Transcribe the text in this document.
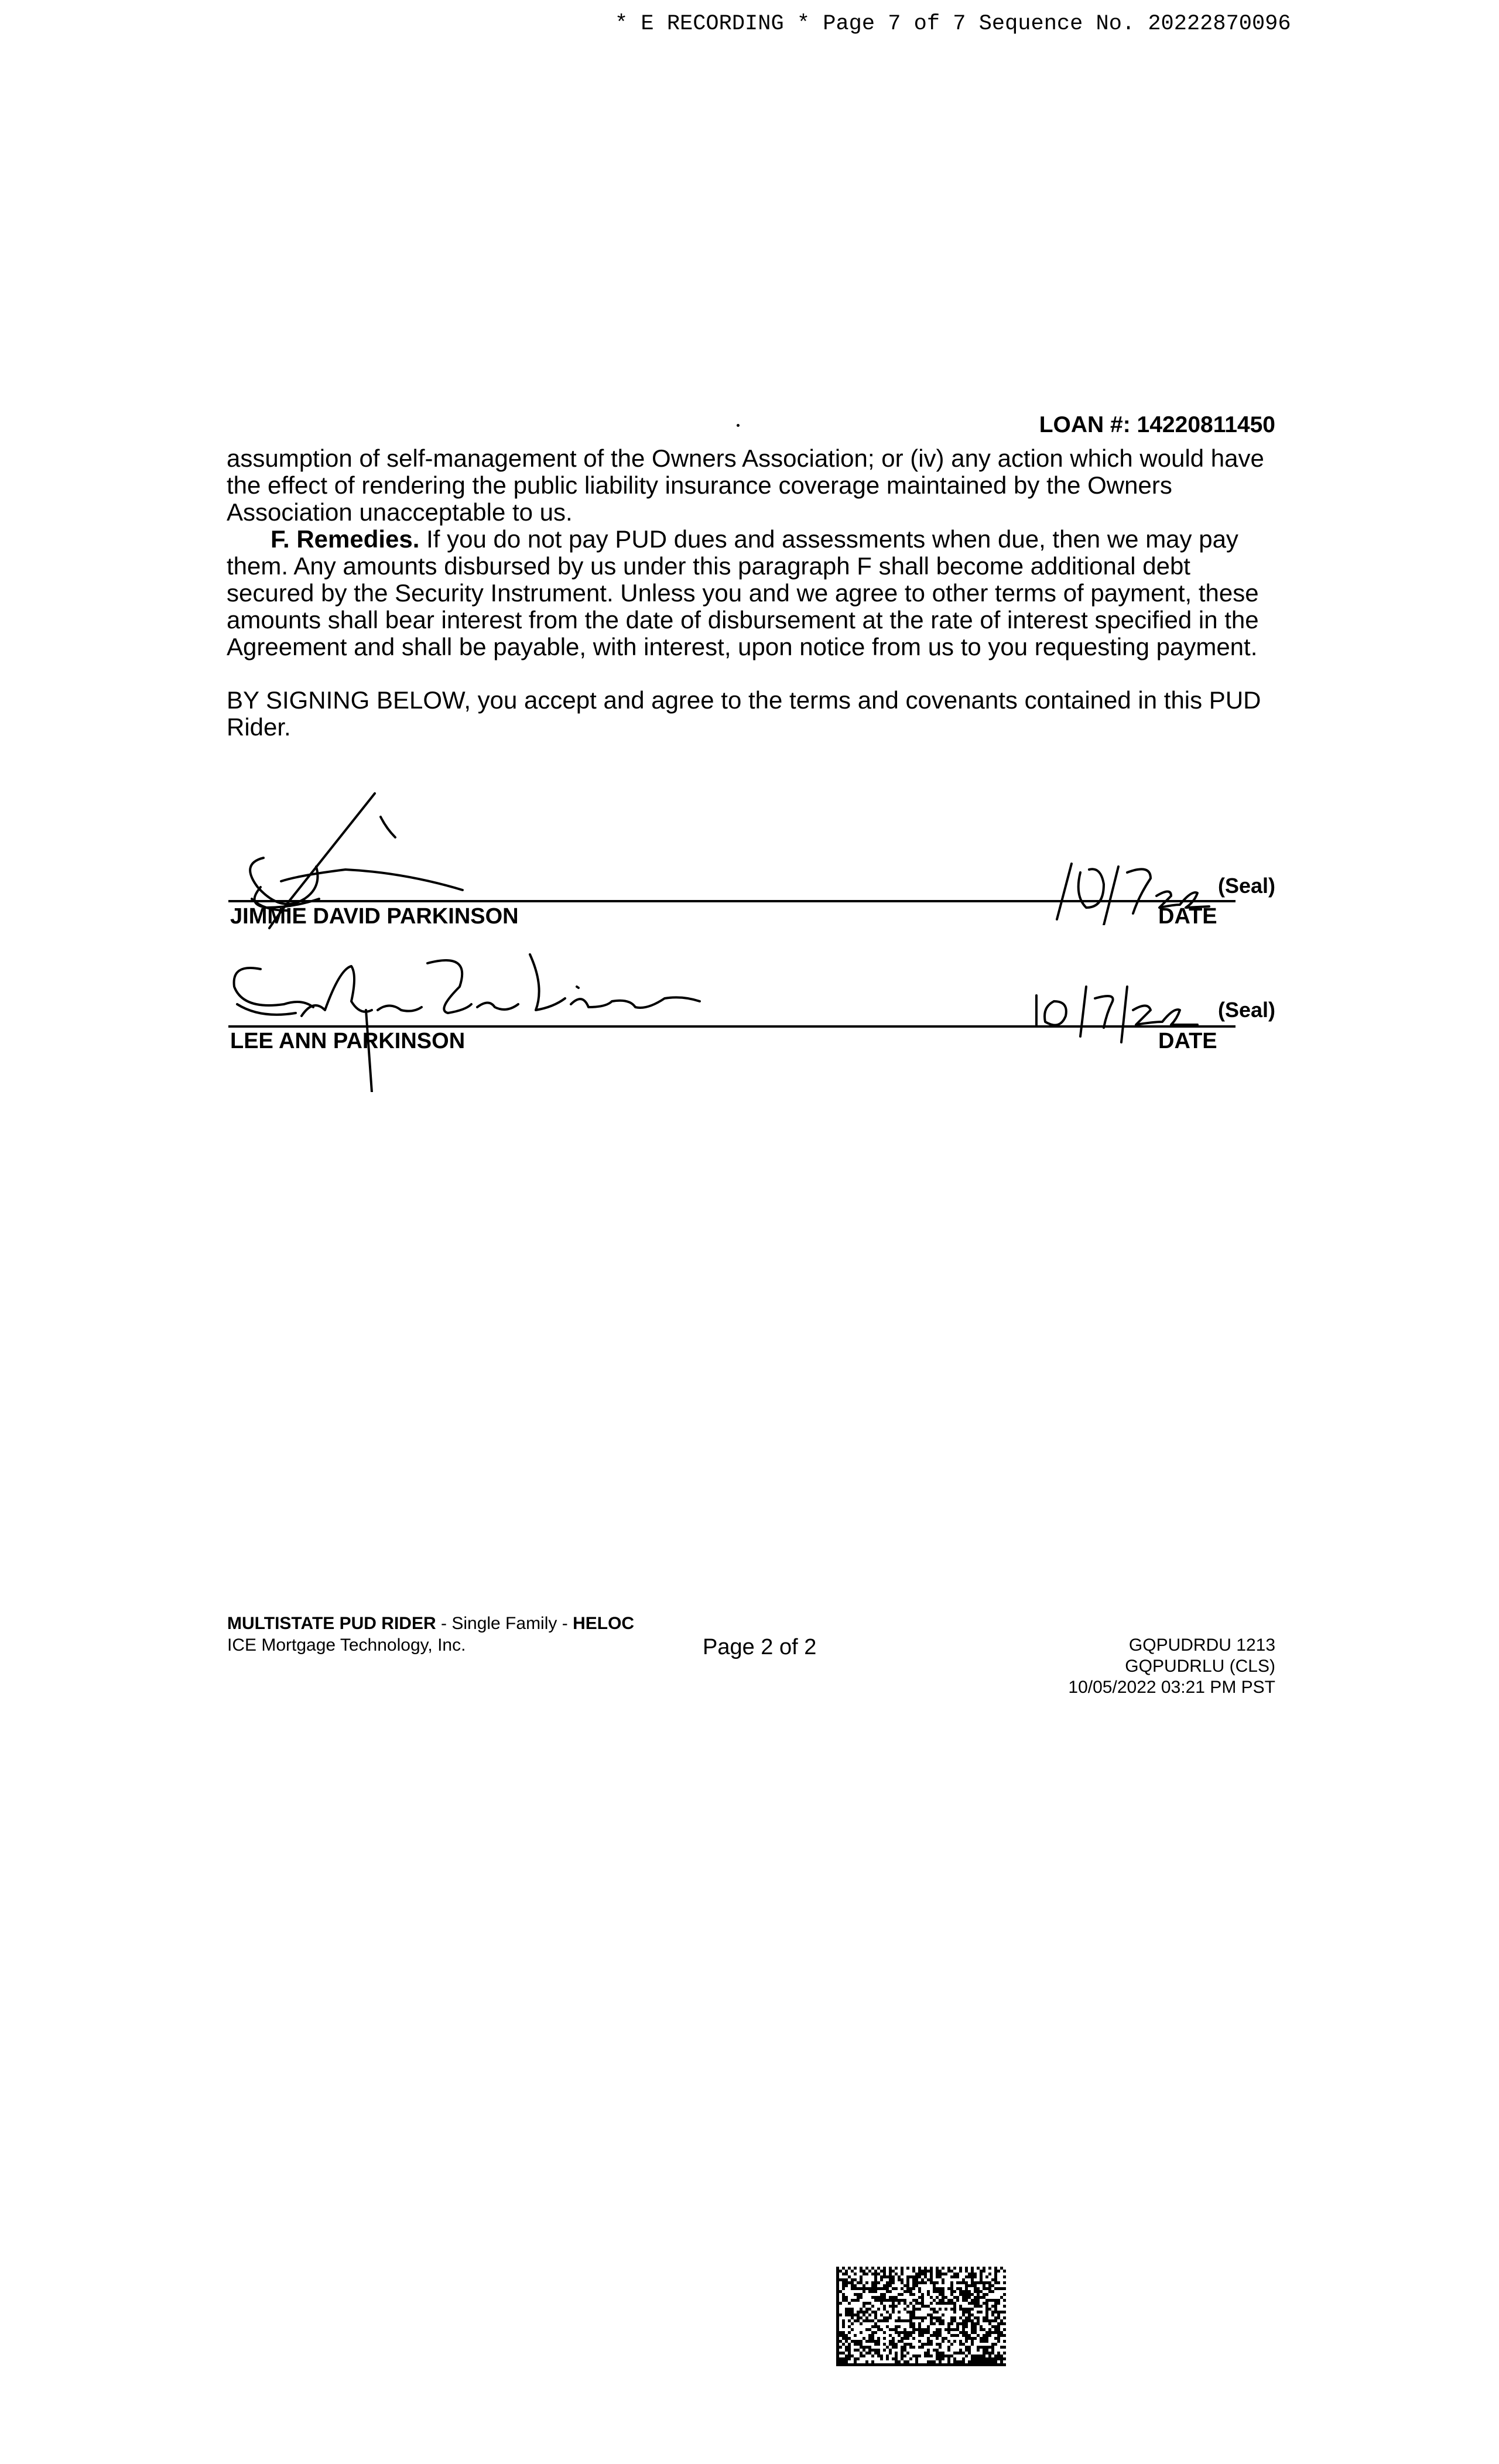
* E RECORDING * Page 7 of 7 Sequence No. 20222870096
LOAN #: 14220811450

assumption of self-management of the Owners Association; or (iv) any action which would have the effect of rendering the public liability insurance coverage maintained by the Owners Association unacceptable to us.

F. Remedies. If you do not pay PUD dues and assessments when due, then we may pay them. Any amounts disbursed by us under this paragraph F shall become additional debt secured by the Security Instrument. Unless you and we agree to other terms of payment, these amounts shall bear interest from the date of disbursement at the rate of interest specified in the Agreement and shall be payable, with interest, upon notice from us to you requesting payment.

BY SIGNING BELOW, you accept and agree to the terms and covenants contained in this PUD Rider.

(Seal)
JIMMIE DAVID PARKINSON	DATE
(Seal)
LEE ANN PARKINSON	DATE
MULTISTATE PUD RIDER - Single Family - HELOC
ICE Mortgage Technology, Inc.	Page 2 of 2	GQPUDRDU 1213
GQPUDRLU (CLS)
10/05/2022 03:21 PM PST
